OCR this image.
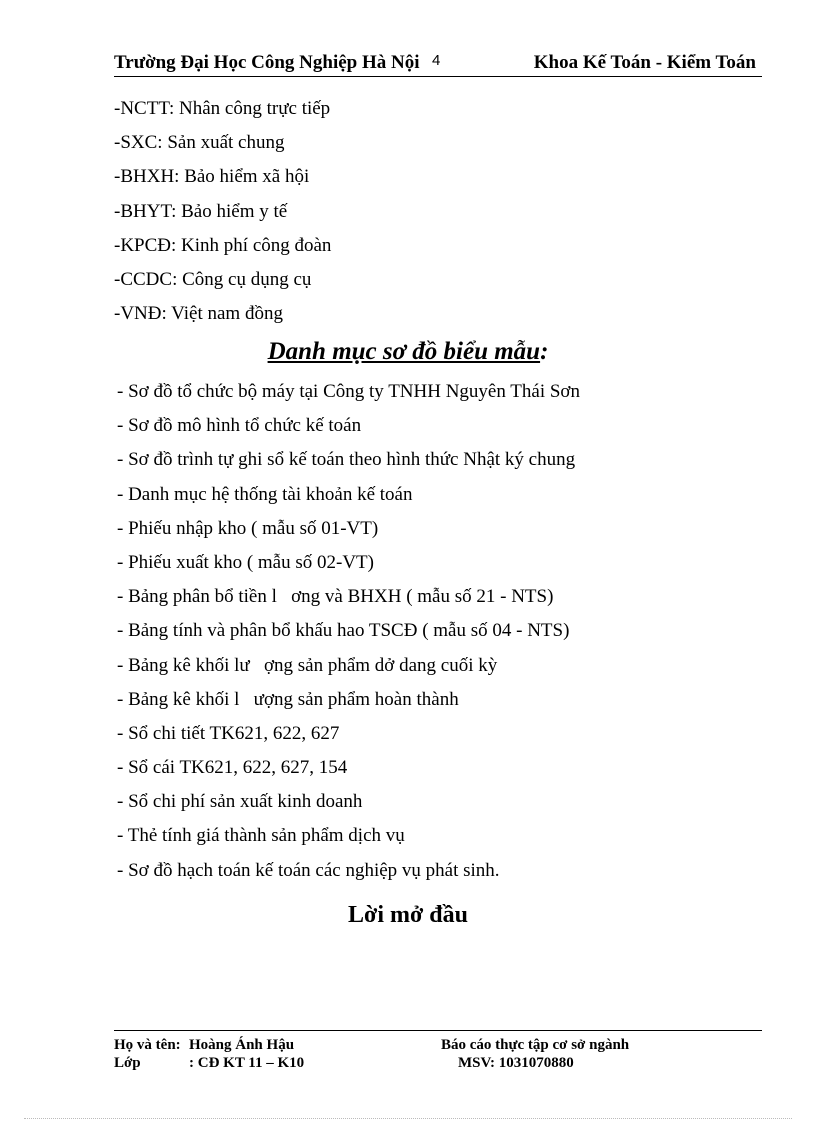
Trường Đại Học Công Nghiệp Hà Nội 4	Khoa Kế Toán - Kiểm Toán
-NCTT: Nhân công trực tiếp
-SXC: Sản xuất chung
-BHXH: Bảo hiểm xã hội
-BHYT: Bảo hiểm y tế
-KPCĐ: Kinh phí công đoàn
-CCDC: Công cụ dụng cụ
-VNĐ: Việt nam đồng
Danh mục sơ đồ biểu mẫu:
- Sơ đồ tổ chức bộ máy tại Công ty TNHH Nguyên Thái Sơn
- Sơ đồ mô hình tổ chức kế toán
- Sơ đồ trình tự ghi sổ kế toán theo hình thức Nhật ký chung
- Danh mục hệ thống tài khoản kế toán
- Phiếu nhập kho ( mẫu số 01-VT)
- Phiếu xuất kho ( mẫu số 02-VT)
- Bảng phân bổ tiền l   ơng và BHXH ( mẫu số 21 - NTS)
- Bảng tính và phân bổ khấu hao TSCĐ ( mẫu số 04 - NTS)
- Bảng kê khối lư   ợng sản phẩm dở dang cuối kỳ
- Bảng kê khối l   ượng sản phẩm hoàn thành
- Sổ chi tiết TK621, 622, 627
- Sổ cái TK621, 622, 627, 154
- Sổ chi phí sản xuất kinh doanh
- Thẻ tính giá thành sản phẩm dịch vụ
- Sơ đồ hạch toán kế toán các nghiệp vụ phát sinh.
Lời mở đầu
Họ và tên: Hoàng Ánh Hậu	Báo cáo thực tập cơ sở ngành
Lớp	: CĐ KT 11 – K10	MSV: 1031070880
